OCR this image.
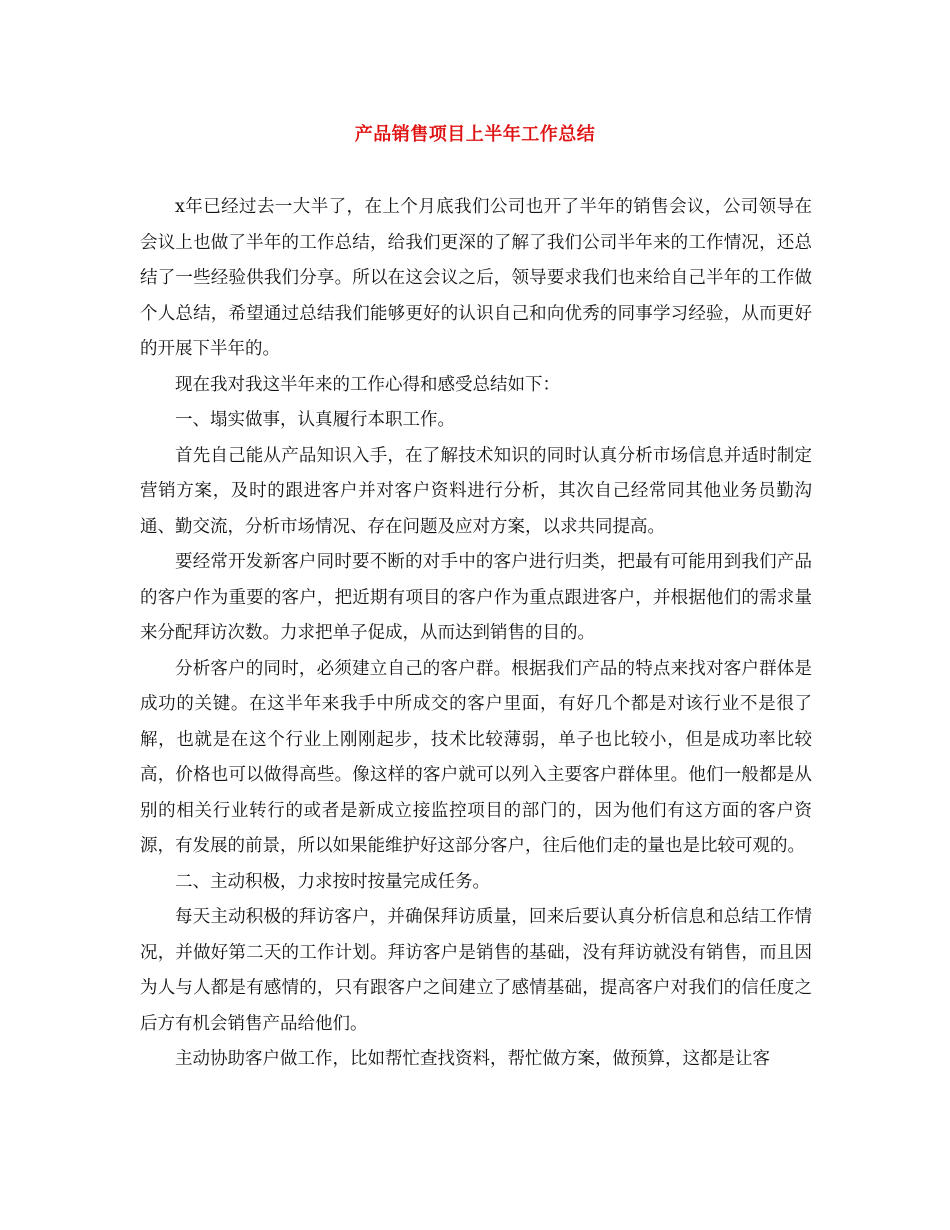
产品销售项目上半年工作总结

x年已经过去一大半了，在上个月底我们公司也开了半年的销售会议，公司领导在会议上也做了半年的工作总结，给我们更深的了解了我们公司半年来的工作情况，还总结了一些经验供我们分享。所以在这会议之后，领导要求我们也来给自己半年的工作做个人总结，希望通过总结我们能够更好的认识自己和向优秀的同事学习经验，从而更好的开展下半年的。

现在我对我这半年来的工作心得和感受总结如下：

一、塌实做事，认真履行本职工作。

首先自己能从产品知识入手，在了解技术知识的同时认真分析市场信息并适时制定营销方案，及时的跟进客户并对客户资料进行分析，其次自己经常同其他业务员勤沟通、勤交流，分析市场情况、存在问题及应对方案，以求共同提高。

要经常开发新客户同时要不断的对手中的客户进行归类，把最有可能用到我们产品的客户作为重要的客户，把近期有项目的客户作为重点跟进客户，并根据他们的需求量来分配拜访次数。力求把单子促成，从而达到销售的目的。

分析客户的同时，必须建立自己的客户群。根据我们产品的特点来找对客户群体是成功的关键。在这半年来我手中所成交的客户里面，有好几个都是对该行业不是很了解，也就是在这个行业上刚刚起步，技术比较薄弱，单子也比较小，但是成功率比较高，价格也可以做得高些。像这样的客户就可以列入主要客户群体里。他们一般都是从别的相关行业转行的或者是新成立接监控项目的部门的，因为他们有这方面的客户资源，有发展的前景，所以如果能维护好这部分客户，往后他们走的量也是比较可观的。

二、主动积极，力求按时按量完成任务。

每天主动积极的拜访客户，并确保拜访质量，回来后要认真分析信息和总结工作情况，并做好第二天的工作计划。拜访客户是销售的基础，没有拜访就没有销售，而且因为人与人都是有感情的，只有跟客户之间建立了感情基础，提高客户对我们的信任度之后方有机会销售产品给他们。

主动协助客户做工作，比如帮忙查找资料，帮忙做方案，做预算，这都是让客
